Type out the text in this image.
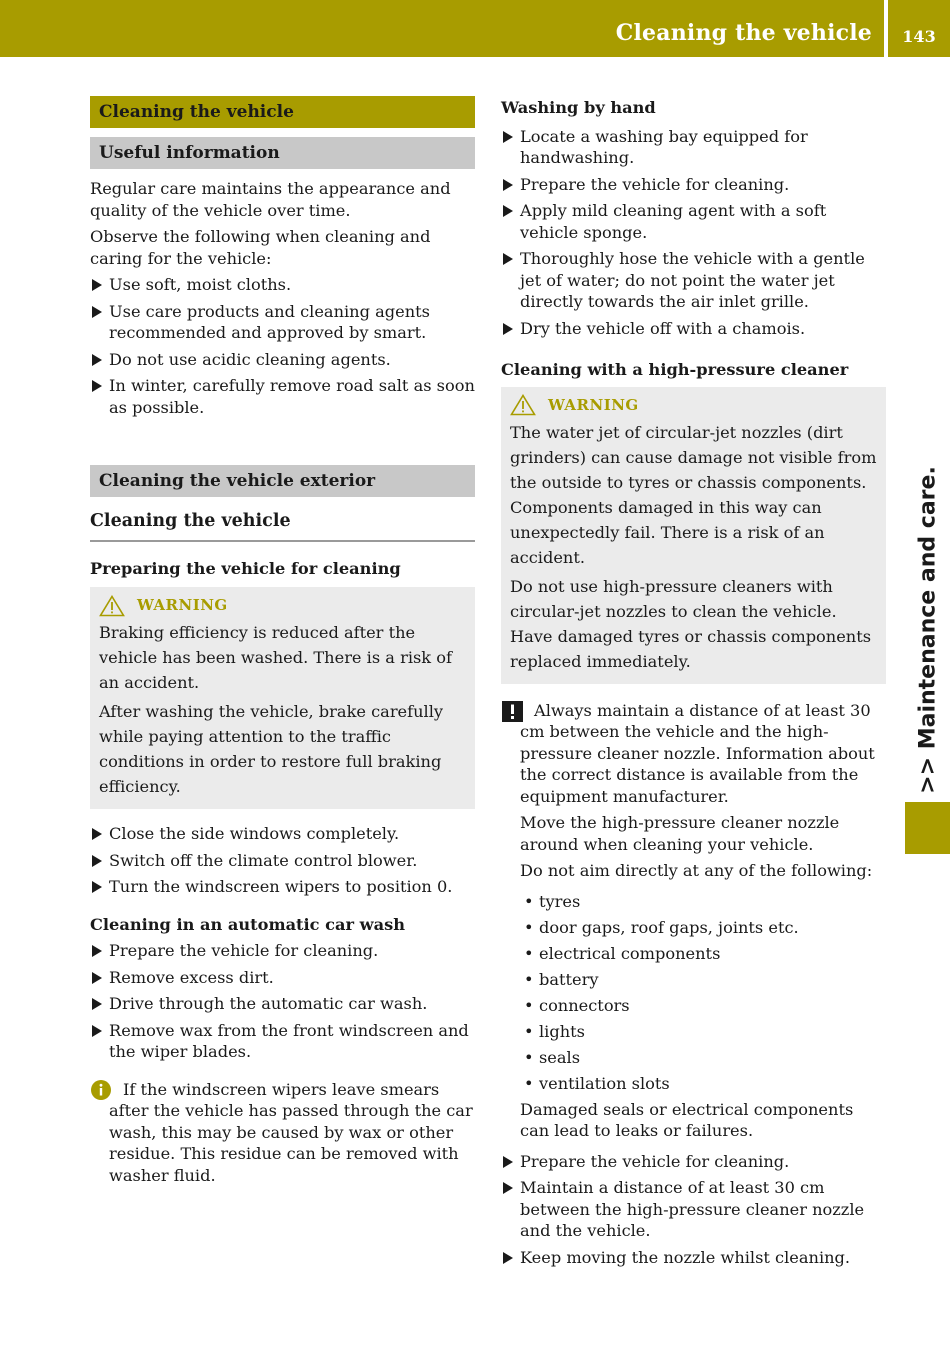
Cleaning the vehicle	143
>> Maintenance and care.
Cleaning the vehicle
Useful information

Regular care maintains the appearance and quality of the vehicle over time.

Observe the following when cleaning and caring for the vehicle:

Use soft, moist cloths.
Use care products and cleaning agents recommended and approved by smart.
Do not use acidic cleaning agents.
In winter, carefully remove road salt as soon as possible.
Cleaning the vehicle exterior
Cleaning the vehicle
Preparing the vehicle for cleaning
WARNING

Braking efficiency is reduced after the vehicle has been washed. There is a risk of an accident.

After washing the vehicle, brake carefully while paying attention to the traffic conditions in order to restore full braking efficiency.

Close the side windows completely.
Switch off the climate control blower.
Turn the windscreen wipers to position 0.
Cleaning in an automatic car wash
Prepare the vehicle for cleaning.
Remove excess dirt.
Drive through the automatic car wash.
Remove wax from the front windscreen and the wiper blades.
If the windscreen wipers leave smears after the vehicle has passed through the car wash, this may be caused by wax or other residue. This residue can be removed with washer fluid.
Washing by hand
Locate a washing bay equipped for handwashing.
Prepare the vehicle for cleaning.
Apply mild cleaning agent with a soft vehicle sponge.
Thoroughly hose the vehicle with a gentle jet of water; do not point the water jet directly towards the air inlet grille.
Dry the vehicle off with a chamois.
Cleaning with a high-pressure cleaner
WARNING

The water jet of circular-jet nozzles (dirt grinders) can cause damage not visible from the outside to tyres or chassis components. Components damaged in this way can unexpectedly fail. There is a risk of an accident.

Do not use high-pressure cleaners with circular-jet nozzles to clean the vehicle. Have damaged tyres or chassis components replaced immediately.

Always maintain a distance of at least 30 cm between the vehicle and the high-pressure cleaner nozzle. Information about the correct distance is available from the equipment manufacturer.

Move the high-pressure cleaner nozzle around when cleaning your vehicle.

Do not aim directly at any of the following:

• tyres
• door gaps, roof gaps, joints etc.
• electrical components
• battery
• connectors
• lights
• seals
• ventilation slots

Damaged seals or electrical components can lead to leaks or failures.

Prepare the vehicle for cleaning.
Maintain a distance of at least 30 cm between the high-pressure cleaner nozzle and the vehicle.
Keep moving the nozzle whilst cleaning.
